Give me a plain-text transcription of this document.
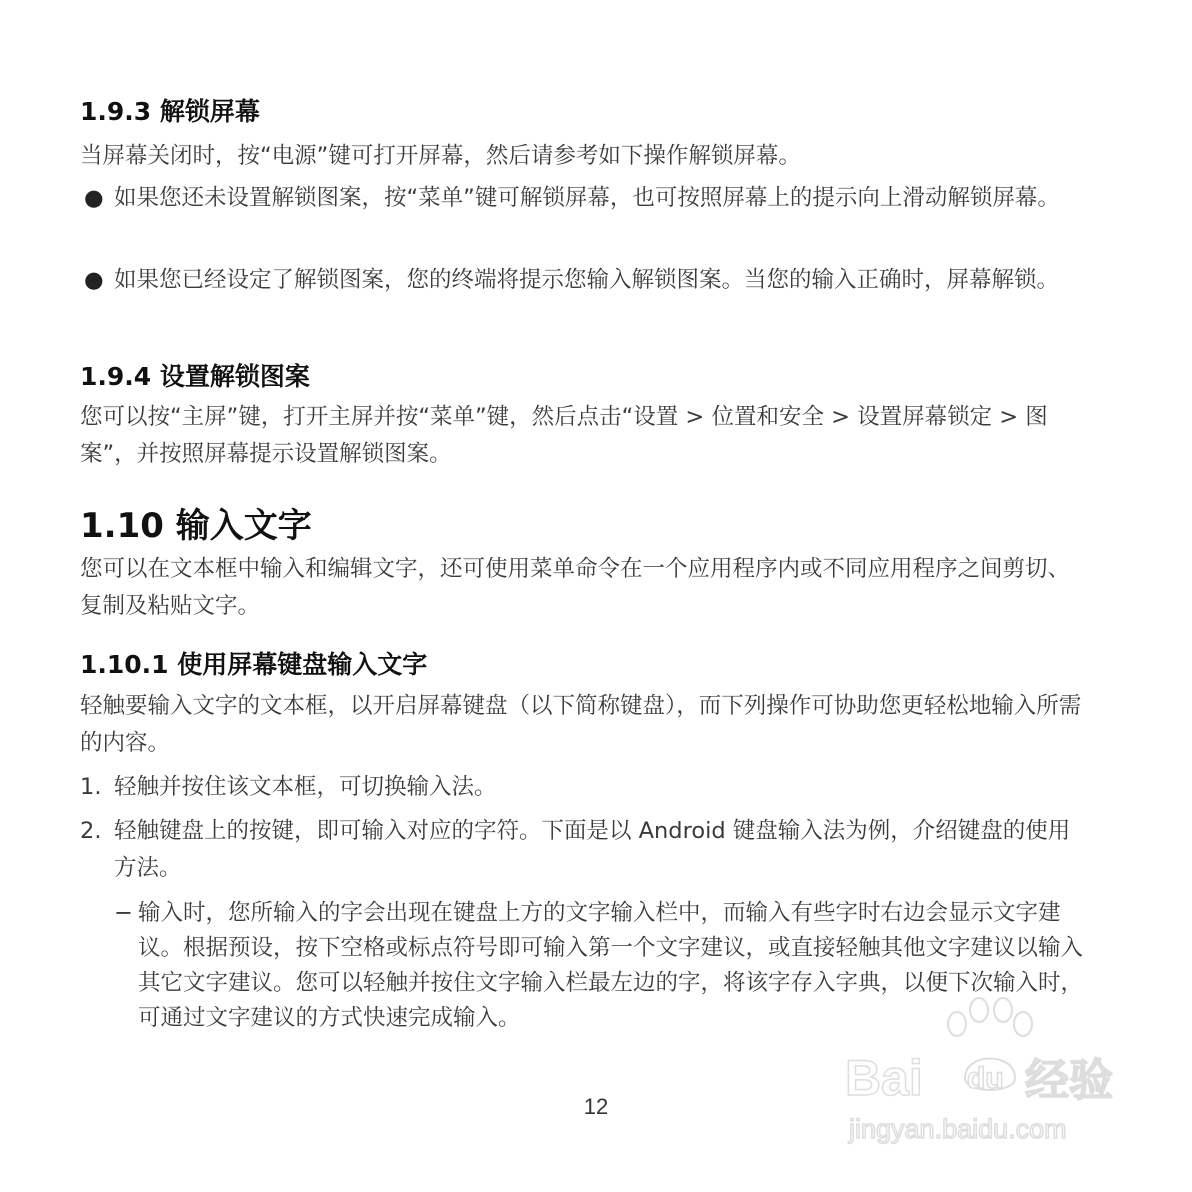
1.9.3 解锁屏幕
当屏幕关闭时，按“电源”键可打开屏幕，然后请参考如下操作解锁屏幕。
● 如果您还未设置解锁图案，按“菜单”键可解锁屏幕，也可按照屏幕上的提示向上滑动解锁屏幕。
● 如果您已经设定了解锁图案，您的终端将提示您输入解锁图案。当您的输入正确时，屏幕解锁。
1.9.4 设置解锁图案
您可以按“主屏”键，打开主屏并按“菜单”键，然后点击“设置 > 位置和安全 > 设置屏幕锁定 > 图案”，并按照屏幕提示设置解锁图案。
1.10 输入文字
您可以在文本框中输入和编辑文字，还可使用菜单命令在一个应用程序内或不同应用程序之间剪切、复制及粘贴文字。
1.10.1 使用屏幕键盘输入文字
轻触要输入文字的文本框，以开启屏幕键盘（以下简称键盘），而下列操作可协助您更轻松地输入所需的内容。
1. 轻触并按住该文本框，可切换输入法。
2. 轻触键盘上的按键，即可输入对应的字符。下面是以 Android 键盘输入法为例，介绍键盘的使用方法。
− 输入时，您所输入的字会出现在键盘上方的文字输入栏中，而输入有些字时右边会显示文字建议。根据预设，按下空格或标点符号即可输入第一个文字建议，或直接轻触其他文字建议以输入其它文字建议。您可以轻触并按住文字输入栏最左边的字，将该字存入字典，以便下次输入时，可通过文字建议的方式快速完成输入。
12
Bai du 经验
jingyan.baidu.com
